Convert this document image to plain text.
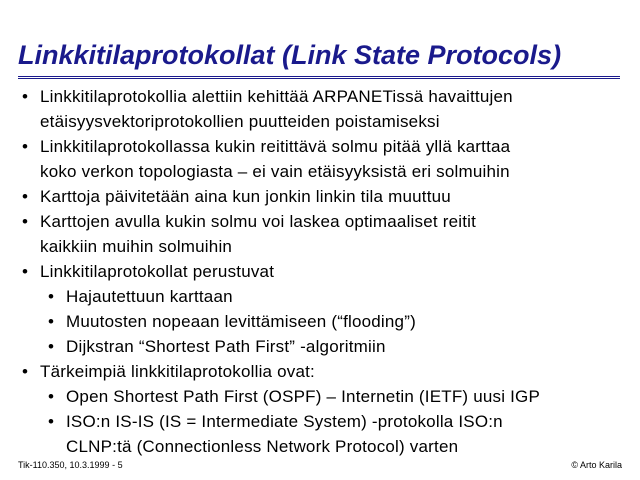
Linkkitilaprotokollat (Link State Protocols)
• Linkkitilaprotokollia alettiin kehittää ARPANETissä havaittujen
etäisyysvektoriprotokollien puutteiden poistamiseksi
• Linkkitilaprotokollassa kukin reitittävä solmu pitää yllä karttaa
koko verkon topologiasta – ei vain etäisyyksistä eri solmuihin
• Karttoja päivitetään aina kun jonkin linkin tila muuttuu
• Karttojen avulla kukin solmu voi laskea optimaaliset reitit
kaikkiin muihin solmuihin
• Linkkitilaprotokollat perustuvat
• Hajautettuun karttaan
• Muutosten nopeaan levittämiseen (“flooding”)
• Dijkstran “Shortest Path First” -algoritmiin
• Tärkeimpiä linkkitilaprotokollia ovat:
• Open Shortest Path First (OSPF) – Internetin (IETF) uusi IGP
• ISO:n IS-IS (IS = Intermediate System) -protokolla ISO:n
CLNP:tä (Connectionless Network Protocol) varten
Tik-110.350, 10.3.1999 - 5	© Arto Karila
